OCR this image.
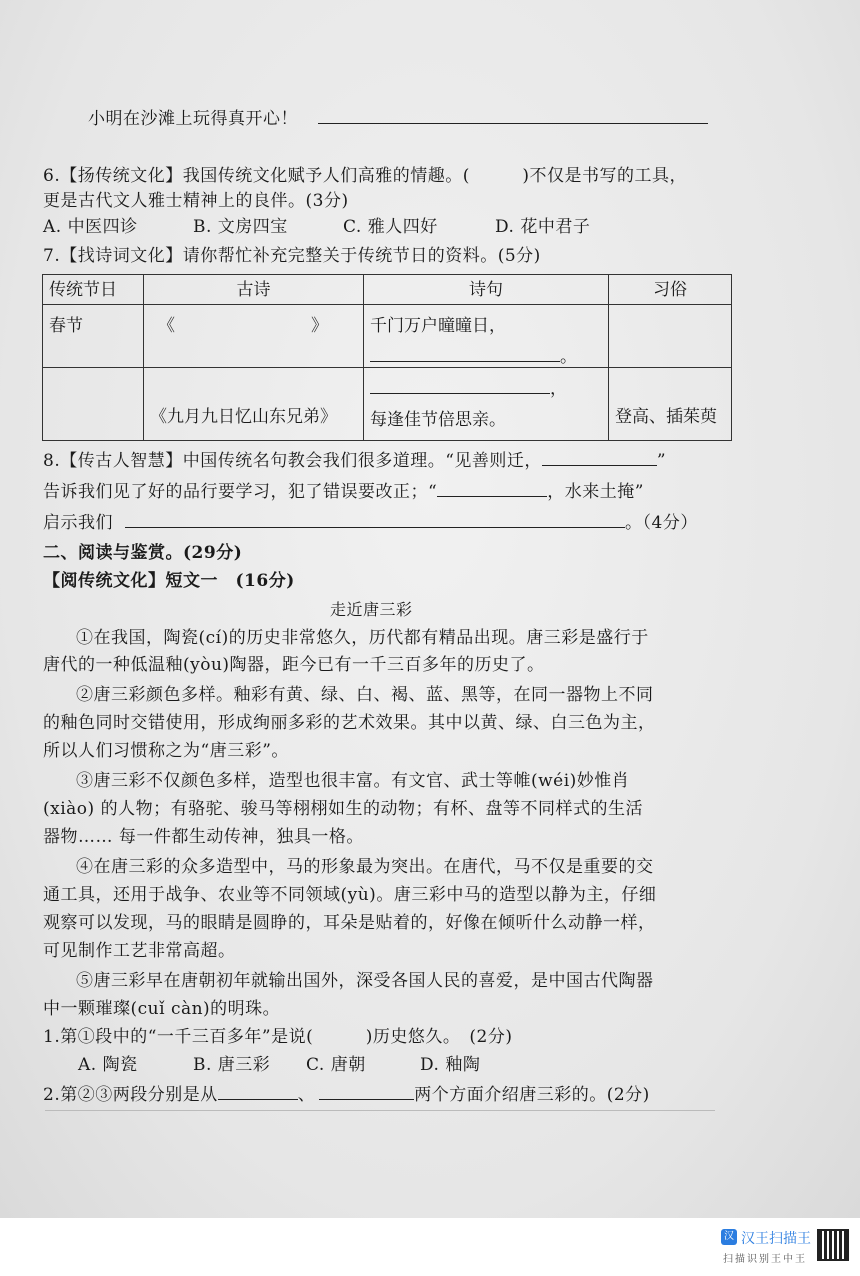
小明在沙滩上玩得真开心！
6.【扬传统文化】我国传统文化赋予人们高雅的情趣。(　　　)不仅是书写的工具，
更是古代文人雅士精神上的良伴。(3分)
A. 中医四诊	B. 文房四宝	C. 雅人四好	D. 花中君子
7.【找诗词文化】请你帮忙补充完整关于传统节日的资料。(5分)
传统节日	古诗	诗句	习俗
春节	《　　　　　　　　》	千门万户曈曈日，
。	

	《九月九日忆山东兄弟》	，
每逢佳节倍思亲。	登高、插茱萸
8.【传古人智慧】中国传统名句教会我们很多道理。“见善则迁，	”
告诉我们见了好的品行要学习，犯了错误要改正；“	，水来土掩”
启示我们	。（4分）
二、阅读与鉴赏。(29分)
【阅传统文化】短文一　(16分)
走近唐三彩
①在我国，陶瓷(cí)的历史非常悠久，历代都有精品出现。唐三彩是盛行于
唐代的一种低温釉(yòu)陶器，距今已有一千三百多年的历史了。
②唐三彩颜色多样。釉彩有黄、绿、白、褐、蓝、黑等，在同一器物上不同
的釉色同时交错使用，形成绚丽多彩的艺术效果。其中以黄、绿、白三色为主，
所以人们习惯称之为“唐三彩”。
③唐三彩不仅颜色多样，造型也很丰富。有文官、武士等帷(wéi)妙惟肖
(xiào) 的人物；有骆驼、骏马等栩栩如生的动物；有杯、盘等不同样式的生活
器物…… 每一件都生动传神，独具一格。
④在唐三彩的众多造型中，马的形象最为突出。在唐代，马不仅是重要的交
通工具，还用于战争、农业等不同领域(yù)。唐三彩中马的造型以静为主，仔细
观察可以发现，马的眼睛是圆睁的，耳朵是贴着的，好像在倾听什么动静一样，
可见制作工艺非常高超。
⑤唐三彩早在唐朝初年就输出国外，深受各国人民的喜爱，是中国古代陶器
中一颗璀璨(cuǐ càn)的明珠。
1.第①段中的“一千三百多年”是说(　　　)历史悠久。　(2分)
A. 陶瓷	B. 唐三彩 C. 唐朝	D. 釉陶
2.第②③两段分别是从	、	两个方面介绍唐三彩的。(2分)
汉 汉王扫描王
扫描识别王中王
